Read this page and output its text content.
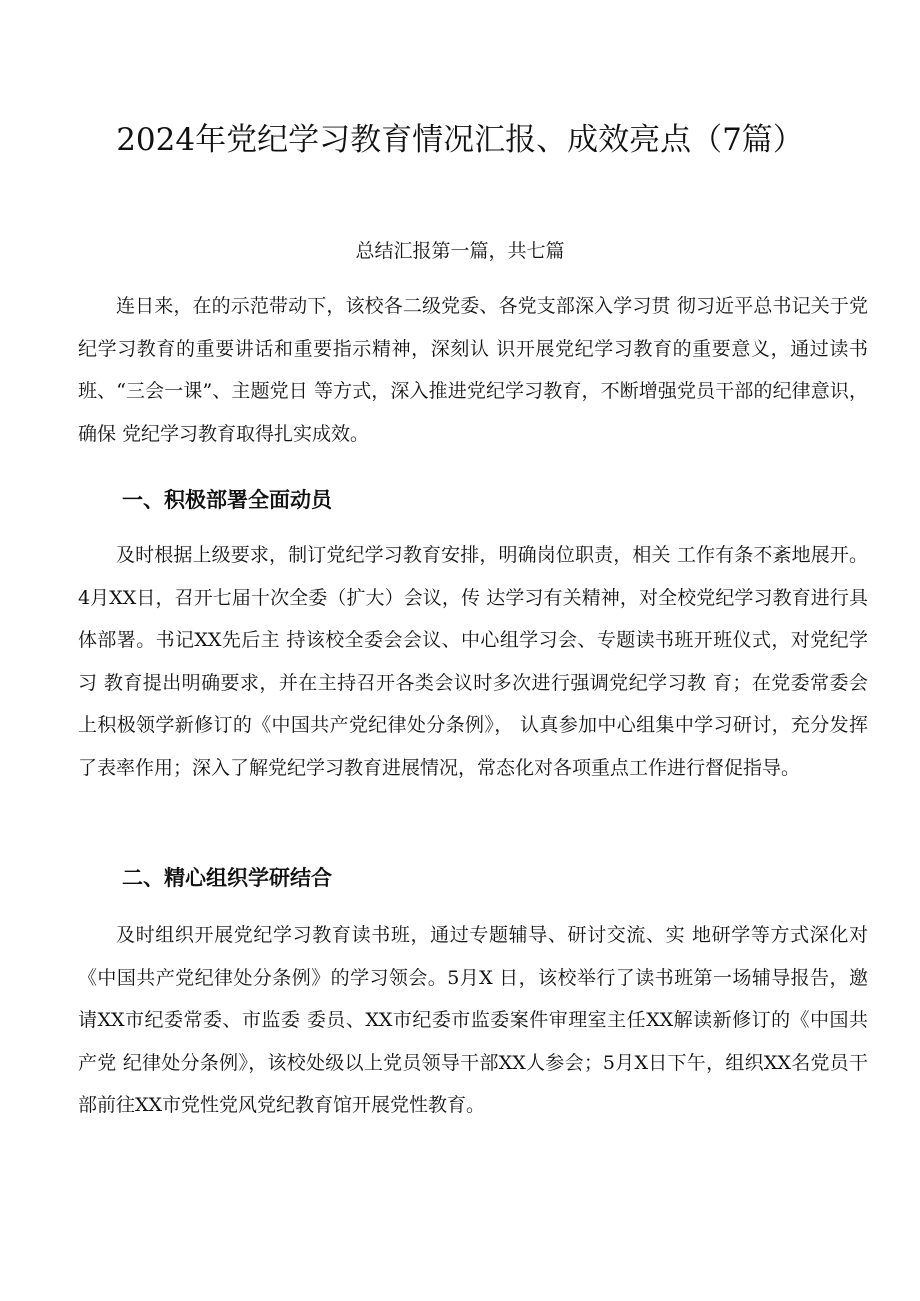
2024年党纪学习教育情况汇报、成效亮点（7篇）

总结汇报第一篇，共七篇

连日来，在的示范带动下，该校各二级党委、各党支部深入学习贯 彻习近平总书记关于党纪学习教育的重要讲话和重要指示精神，深刻认 识开展党纪学习教育的重要意义，通过读书班、“三会一课”、主题党日 等方式，深入推进党纪学习教育，不断增强党员干部的纪律意识，确保 党纪学习教育取得扎实成效。

一、积极部署全面动员

及时根据上级要求，制订党纪学习教育安排，明确岗位职责，相关 工作有条不紊地展开。4月XX日，召开七届十次全委（扩大）会议，传 达学习有关精神，对全校党纪学习教育进行具体部署。书记XX先后主 持该校全委会会议、中心组学习会、专题读书班开班仪式，对党纪学习 教育提出明确要求，并在主持召开各类会议时多次进行强调党纪学习教 育；在党委常委会上积极领学新修订的《中国共产党纪律处分条例》， 认真参加中心组集中学习研讨，充分发挥了表率作用；深入了解党纪学习教育进展情况，常态化对各项重点工作进行督促指导。

二、精心组织学研结合

及时组织开展党纪学习教育读书班，通过专题辅导、研讨交流、实 地研学等方式深化对《中国共产党纪律处分条例》的学习领会。5月X 日，该校举行了读书班第一场辅导报告，邀请XX市纪委常委、市监委 委员、XX市纪委市监委案件审理室主任XX解读新修订的《中国共产党 纪律处分条例》，该校处级以上党员领导干部XX人参会；5月X日下午，组织XX名党员干部前往XX市党性党风党纪教育馆开展党性教育。
